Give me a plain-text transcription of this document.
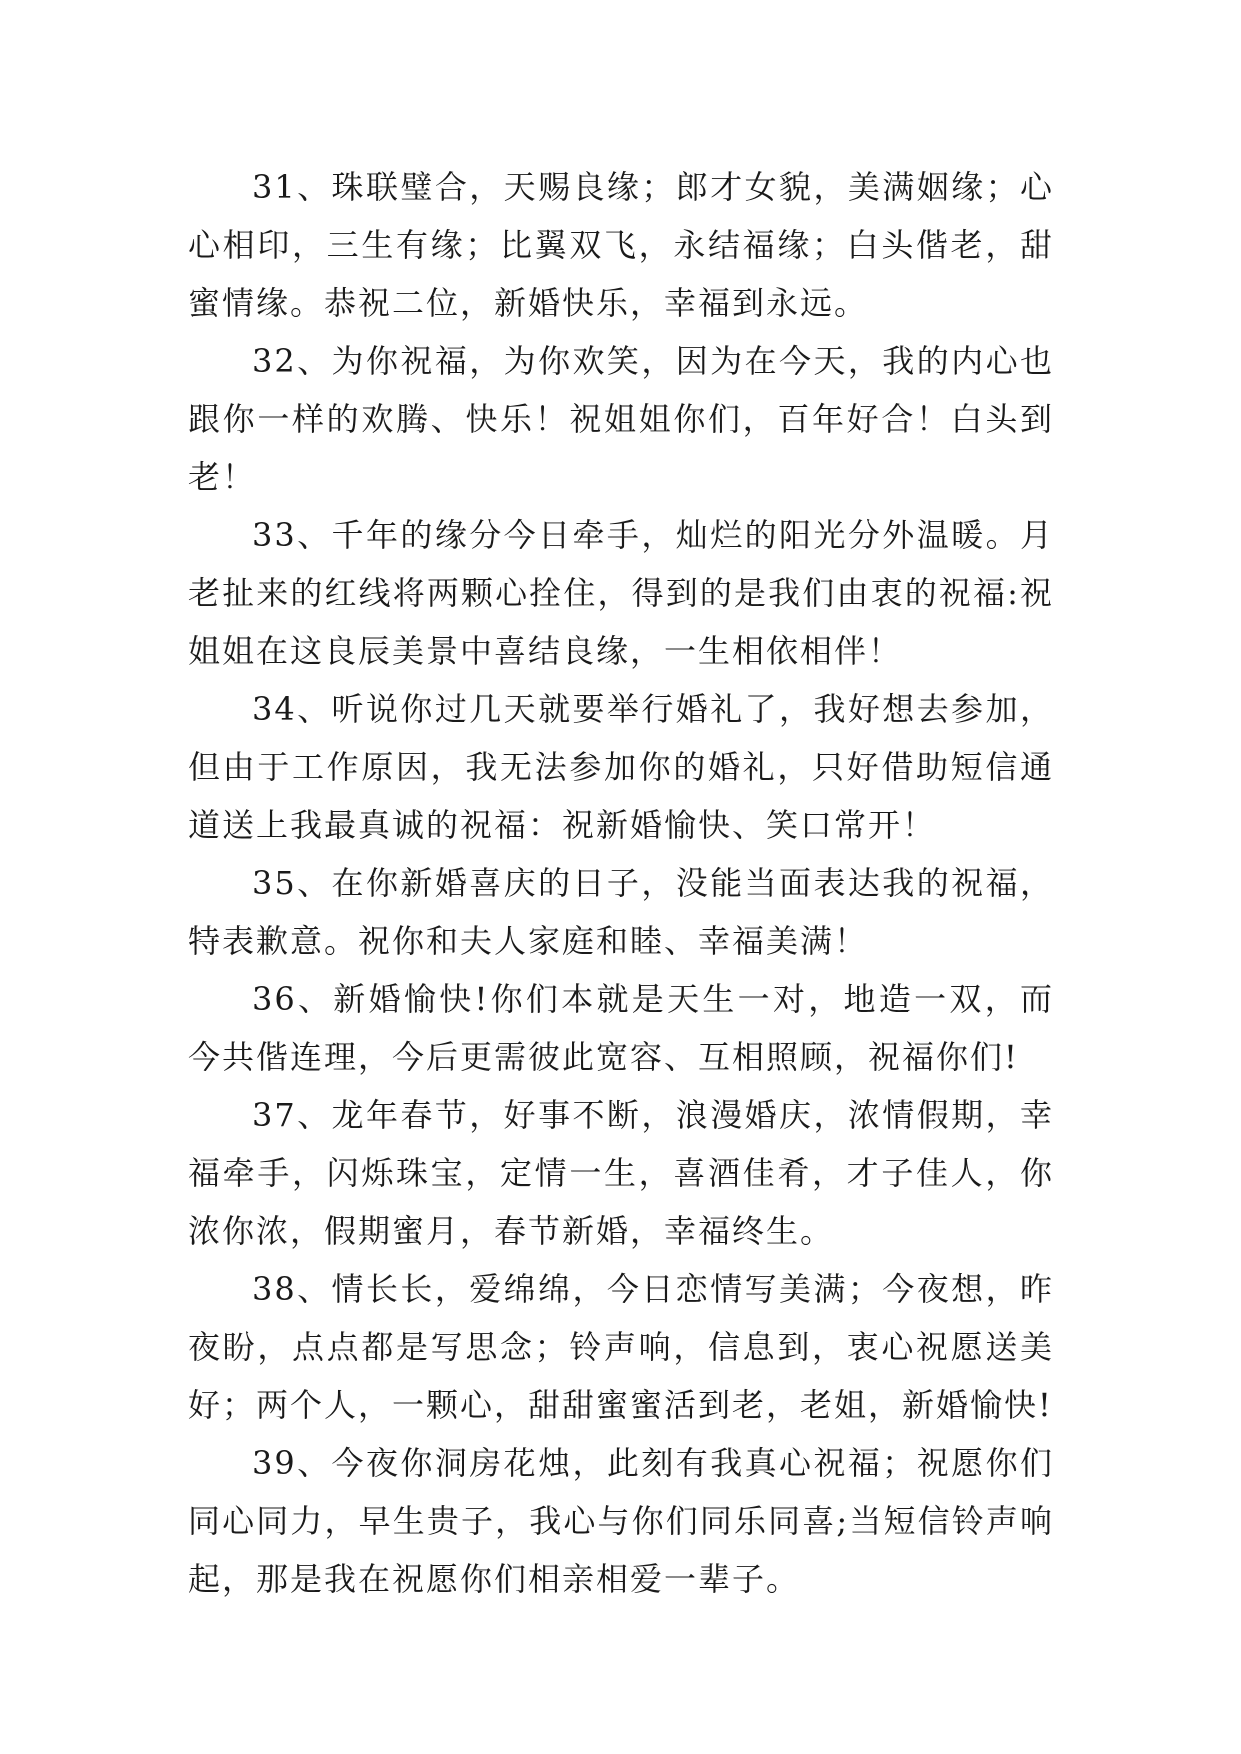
31、珠联璧合，天赐良缘；郎才女貌，美满姻缘；心心相印，三生有缘；比翼双飞，永结福缘；白头偕老，甜蜜情缘。恭祝二位，新婚快乐，幸福到永远。

32、为你祝福，为你欢笑，因为在今天，我的内心也跟你一样的欢腾、快乐！祝姐姐你们，百年好合！白头到老！

33、千年的缘分今日牵手，灿烂的阳光分外温暖。月老扯来的红线将两颗心拴住，得到的是我们由衷的祝福:祝姐姐在这良辰美景中喜结良缘，一生相依相伴！

34、听说你过几天就要举行婚礼了，我好想去参加，但由于工作原因，我无法参加你的婚礼，只好借助短信通道送上我最真诚的祝福：祝新婚愉快、笑口常开！

35、在你新婚喜庆的日子，没能当面表达我的祝福，特表歉意。祝你和夫人家庭和睦、幸福美满！

36、新婚愉快!你们本就是天生一对，地造一双，而今共偕连理，今后更需彼此宽容、互相照顾，祝福你们!

37、龙年春节，好事不断，浪漫婚庆，浓情假期，幸福牵手，闪烁珠宝，定情一生，喜酒佳肴，才子佳人，你浓你浓，假期蜜月，春节新婚，幸福终生。

38、情长长，爱绵绵，今日恋情写美满；今夜想，昨夜盼，点点都是写思念；铃声响，信息到，衷心祝愿送美好；两个人，一颗心，甜甜蜜蜜活到老，老姐，新婚愉快!

39、今夜你洞房花烛，此刻有我真心祝福；祝愿你们同心同力，早生贵子，我心与你们同乐同喜;当短信铃声响起，那是我在祝愿你们相亲相爱一辈子。
